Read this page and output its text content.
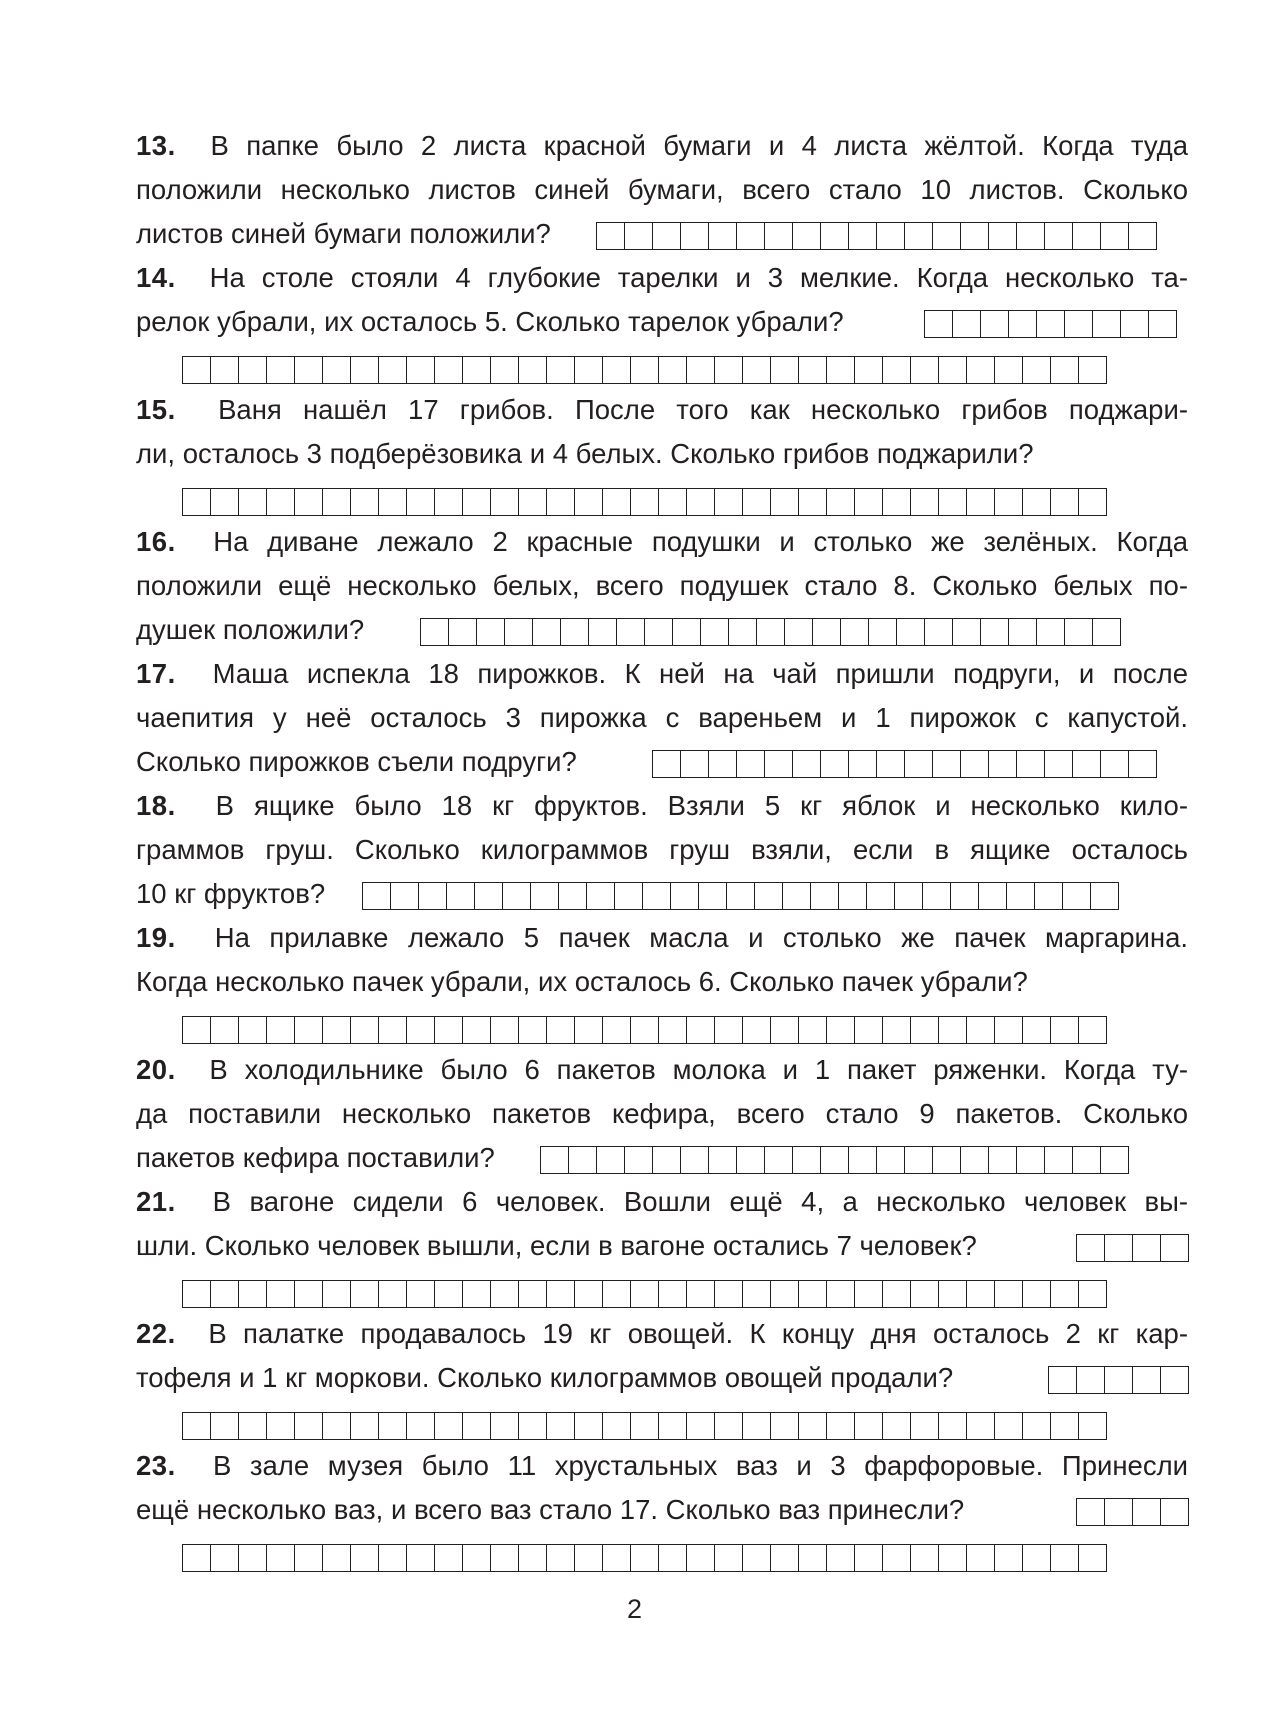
13. В папке было 2 листа красной бумаги и 4 листа жёлтой. Когда туда
положили несколько листов синей бумаги, всего стало 10 листов. Сколько
листов синей бумаги положили?
14. На столе стояли 4 глубокие тарелки и 3 мелкие. Когда несколько та-
релок убрали, их осталось 5. Сколько тарелок убрали?
15. Ваня нашёл 17 грибов. После того как несколько грибов поджари-
ли, осталось 3 подберёзовика и 4 белых. Сколько грибов поджарили?
16. На диване лежало 2 красные подушки и столько же зелёных. Когда
положили ещё несколько белых, всего подушек стало 8. Сколько белых по-
душек положили?
17. Маша испекла 18 пирожков. К ней на чай пришли подруги, и после
чаепития у неё осталось 3 пирожка с вареньем и 1 пирожок с капустой.
Сколько пирожков съели подруги?
18. В ящике было 18 кг фруктов. Взяли 5 кг яблок и несколько кило-
граммов груш. Сколько килограммов груш взяли, если в ящике осталось
10 кг фруктов?
19. На прилавке лежало 5 пачек масла и столько же пачек маргарина.
Когда несколько пачек убрали, их осталось 6. Сколько пачек убрали?
20. В холодильнике было 6 пакетов молока и 1 пакет ряженки. Когда ту-
да поставили несколько пакетов кефира, всего стало 9 пакетов. Сколько
пакетов кефира поставили?
21. В вагоне сидели 6 человек. Вошли ещё 4, а несколько человек вы-
шли. Сколько человек вышли, если в вагоне остались 7 человек?
22. В палатке продавалось 19 кг овощей. К концу дня осталось 2 кг кар-
тофеля и 1 кг моркови. Сколько килограммов овощей продали?
23. В зале музея было 11 хрустальных ваз и 3 фарфоровые. Принесли
ещё несколько ваз, и всего ваз стало 17. Сколько ваз принесли?
2
